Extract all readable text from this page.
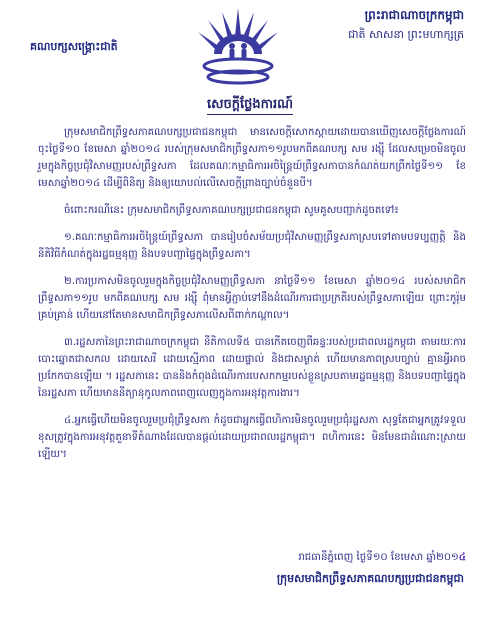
គណបក្សសង្គ្រោះជាតិ
ព្រះរាជាណាចក្រកម្ពុជា
ជាតិ សាសនា ព្រះមហាក្សត្រ
សេចក្តីថ្លែងការណ៍

ក្រុមសមាជិកព្រឹទ្ធសភាគណបក្សប្រជាជនកម្ពុជា មានសេចក្តីសោកស្តាយដោយបានឃើញសេចក្តីថ្លែងការណ៍ចុះថ្ងៃទី១០ ខែមេសា ឆ្នាំ២០១៤ របស់ក្រុមសមាជិកព្រឹទ្ធសភា១១រូបមកពីគណបក្ស សម រង្ស៊ី ដែលសម្រេចមិនចូលរួមក្នុងកិច្ចប្រជុំវិសាមញ្ញរបស់ព្រឹទ្ធសភា ដែលគណៈកម្មាធិការអចិន្ត្រៃយ៍ព្រឹទ្ធសភាបានកំណត់យកព្រឹកថ្ងៃទី១១ ខែមេសាឆ្នាំ២០១៤ ដើម្បីពិនិត្យ និងឲ្យយោបល់លើសេចក្តីព្រាងច្បាប់ចំនួនបី។

ចំពោះករណីនេះ ក្រុមសមាជិកព្រឹទ្ធសភាគណបក្សប្រជាជនកម្ពុជា សូមគូសបញ្ជាក់ដូចតទៅ៖

១.គណៈកម្មាធិការអចិន្ត្រៃយ៍ព្រឹទ្ធសភា បានរៀបចំសម័យប្រជុំវិសាមញ្ញព្រឹទ្ធសភាស្របទៅតាមបទប្បញ្ញត្តិ និងនីតិវិធីកំណត់ក្នុងរដ្ឋធម្មនុញ្ញ និងបទបញ្ជាផ្ទៃក្នុងព្រឹទ្ធសភា។

២.ការប្រកាសមិនចូលរួមក្នុងកិច្ចប្រជុំវិសាមញ្ញព្រឹទ្ធសភា នាថ្ងៃទី១១ ខែមេសា ឆ្នាំ២០១៤ របស់សមាជិកព្រឹទ្ធសភា១១រូប មកពីគណបក្ស សម រង្ស៊ី ពុំមានអ្វីភ្ជាប់ទៅនឹងដំណើរការជាប្រក្រតីរបស់ព្រឹទ្ធសភាឡើយ ព្រោះកូរ៉ុមគ្រប់គ្រាន់ ហើយនៅតែមានសមាជិកព្រឹទ្ធសភាលើសពីពាក់កណ្តាល។

៣.រដ្ឋសភានៃព្រះរាជាណាចក្រកម្ពុជា នីតិកាលទី៥ បានកើតចេញពីឆន្ទៈរបស់ប្រជាពលរដ្ឋកម្ពុជា តាមរយៈការបោះឆ្នោតជាសកល ដោយសេរី ដោយស្មើភាព ដោយផ្ទាល់ និងជាសម្ងាត់ ហើយមានភាពស្របច្បាប់ គ្មានអ្វីអាចប្រកែកបានឡើយ ។ រដ្ឋសភានេះ បាននិងកំពុងដំណើរការបេសកកម្មរបស់ខ្លួនស្របតាមរដ្ឋធម្មនុញ្ញ និងបទបញ្ជាផ្ទៃក្នុងនៃរដ្ឋសភា ហើយមាននីត្យានុកូលភាពពេញលេញក្នុងការអនុវត្តការងារ។

៤.អ្នកធ្វើហើយមិនចូលរួមប្រជុំព្រឹទ្ធសភា កំដូចជាអ្នកធ្វើពហិការមិនចូលរួមប្រជុំរដ្ឋសភា សុទ្ធតែជាអ្នកត្រូវទទួលខុសត្រូវក្នុងការអនុវត្តតួនាទីតំណាងដែលបានផ្តល់ដោយប្រជាពលរដ្ឋកម្ពុជា។ ពហិការនេះ មិនមែនជាដំណោះស្រាយឡើយ។

រាជធានីភ្នំពេញ ថ្ងៃទី១០ ខែមេសា ឆ្នាំ២០១៤
ក្រុមសមាជិកព្រឹទ្ធសភាគណបក្សប្រជាជនកម្ពុជា
